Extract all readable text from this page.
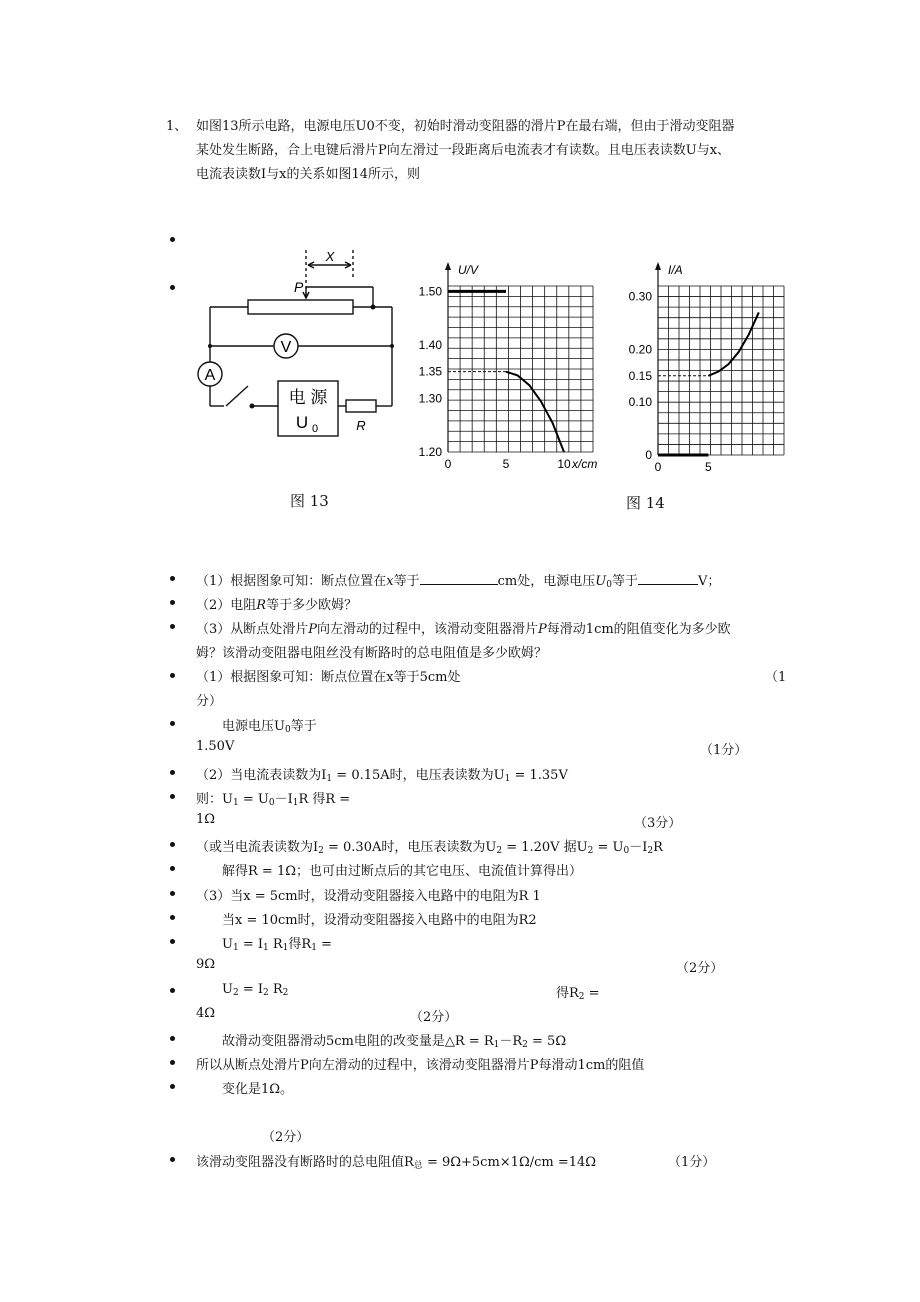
1、 如图13所示电路，电源电压U0不变，初始时滑动变阻器的滑片P在最右端，但由于滑动变阻器
某处发生断路，合上电键后滑片P向左滑过一段距离后电流表才有读数。且电压表读数U与x、
电流表读数I与x的关系如图14所示，则
X
P
V
A
电 源
U 0	R
图 13
U/V
1.50
1.40
1.35
1.30
1.20
0	5	10 x/cm
I/A
0.30
0.20
0.15
0.10
0
0	5
图 14
（1）根据图象可知：断点位置在x等于	cm处，电源电压$U_0$等于	V；
（2）电阻R等于多少欧姆？
（3）从断点处滑片P向左滑动的过程中，该滑动变阻器滑片P每滑动1cm的阻值变化为多少欧
姆？该滑动变阻器电阻丝没有断路时的总电阻值是多少欧姆？
（1）根据图象可知：断点位置在x等于5cm处	（1
分）
电源电压$U_0$等于
1.50V	（1分）
（2）当电流表读数为$I_1 = 0.15A$时，电压表读数为$U_1 = 1.35V$
则：$U_1 = U_0-I_1R$ 得R =
1Ω	（3分）
（或当电流表读数为$I_2 = 0.30A$时，电压表读数为$U_2 = 1.20V$ 据$U_2 = U_0-I_2R$
解得R = 1Ω；也可由过断点后的其它电压、电流值计算得出）
（3）当x = 5cm时，设滑动变阻器接入电路中的电阻为R 1
当x = 10cm时，设滑动变阻器接入电路中的电阻为R2
$U_1 = I_1$ $R_1$得$R_1$ =
9Ω	（2分）
$U_2 = I_2$ $R_2$	得$R_2$ =
4Ω	（2分）
故滑动变阻器滑动5cm电阻的改变量是△R = $R_1-R_2 = 5\Omega$
所以从断点处滑片P向左滑动的过程中，该滑动变阻器滑片P每滑动1cm的阻值
变化是1Ω。
（2分）
该滑动变阻器没有断路时的总电阻值$R_总 = 9\Omega+5cm\times 1\Omega/cm =14\Omega$	（1分）
